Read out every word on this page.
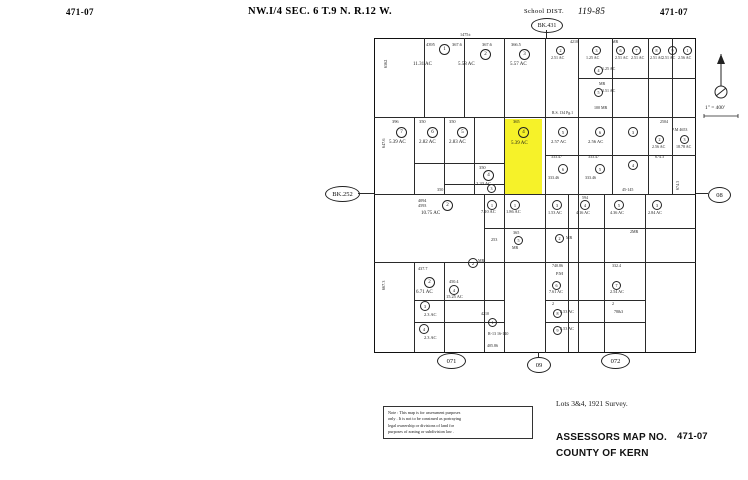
471-07	NW.I/4 SEC. 6 T.9 N. R.12 W.	School DIST. 119-85	471-07
BK.431
4395	367.6	367.6	366.5
1
11.31 AC
2
5.58 AC
3
5.57 AC
6562
1475±
396	350	350	365
7
5.39 AC
647.6
6
2.82 AC
5
2.83 AC
4
5.39 AC
350
4
2.33 AC
350	3
4094
4593	2
10.75 AC
1
7.10 AC
1
1.86 AC
365
253	5
MR
437.7
2
6.71 AC
667.3
3
2.3 AC
4
2.3 AC
450.4
4
15.25 AC
R-13 16-140
405.86
4210
1
2 MR
4210
2
2.51 AC
3
1.25 AC
4 1.25 AC
5 2.51 AC
6
2.51 AC
7
2.51 AC
8
2.51 AC
9
2.51 AC
1
2.56 AC
MR
MR
100 MR
R.S. 134 Pg.1
5
2.57 AC
333.47
6
2.56 AC
333.47
3
4
2504
P.M 4653
2
2.56 AC
3
18.78 AC
674.3
674.3
45-145
333.46	333.46
6	5
3
1.53 AC
4
4.16 AC
5
4.36 AC
3
2.84 AC
594
2MR
2	MR
740.86	332.4
P.M
6
7.61 AC
7
2.54 AC
2	2
8 2.53 AC	78&3
9 2.53 AC
BK.252	08
071
09
072
1" = 400'
Note : This map is for assessment purposes
only . It is not to be construed as portraying
legal ownership or divisions of land for
purposes of zoning or subdivision law .
Lots 3&4, 1921 Survey.
ASSESSORS MAP NO. 471-07
COUNTY OF KERN
